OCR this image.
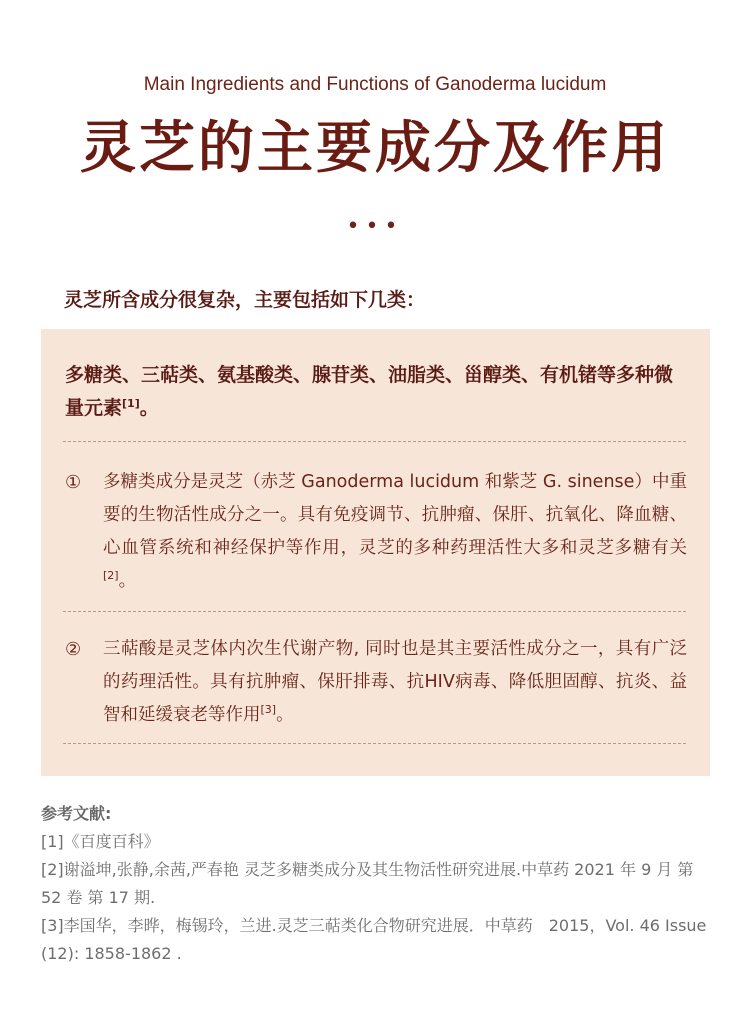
Main Ingredients and Functions of Ganoderma lucidum
灵芝的主要成分及作用
•••
灵芝所含成分很复杂，主要包括如下几类：
多糖类、三萜类、氨基酸类、腺苷类、油脂类、甾醇类、有机锗等多种微量元素[1]。
① 多糖类成分是灵芝（赤芝 Ganoderma lucidum 和紫芝 G. sinense）中重要的生物活性成分之一。具有免疫调节、抗肿瘤、保肝、抗氧化、降血糖、心血管系统和神经保护等作用，灵芝的多种药理活性大多和灵芝多糖有关[2]。
② 三萜酸是灵芝体内次生代谢产物, 同时也是其主要活性成分之一，具有广泛的药理活性。具有抗肿瘤、保肝排毒、抗HIV病毒、降低胆固醇、抗炎、益智和延缓衰老等作用[3]。
参考文献:
[1]《百度百科》
[2]谢溢坤,张静,余茜,严春艳 灵芝多糖类成分及其生物活性研究进展.中草药 2021 年 9 月 第 52 卷 第 17 期.
[3]李国华，李晔，梅锡玲，兰进.灵芝三萜类化合物研究进展．中草药　2015，Vol. 46 Issue (12): 1858-1862 .
